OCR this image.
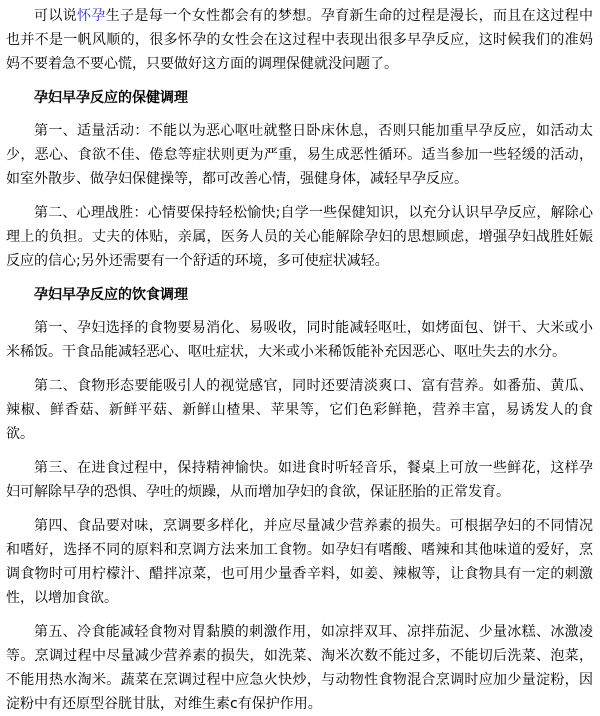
可以说怀孕生子是每一个女性都会有的梦想。孕育新生命的过程是漫长，而且在这过程中也并不是一帆风顺的，很多怀孕的女性会在这过程中表现出很多早孕反应，这时候我们的准妈妈不要着急不要心慌，只要做好这方面的调理保健就没问题了。

孕妇早孕反应的保健调理

第一、适量活动：不能以为恶心呕吐就整日卧床休息，否则只能加重早孕反应，如活动太少，恶心、食欲不佳、倦怠等症状则更为严重，易生成恶性循环。适当参加一些轻缓的活动，如室外散步、做孕妇保健操等，都可改善心情，强健身体，减轻早孕反应。

第二、心理战胜：心情要保持轻松愉快;自学一些保健知识，以充分认识早孕反应，解除心理上的负担。丈夫的体贴，亲属，医务人员的关心能解除孕妇的思想顾虑，增强孕妇战胜妊娠反应的信心;另外还需要有一个舒适的环境，多可使症状减轻。

孕妇早孕反应的饮食调理

第一、孕妇选择的食物要易消化、易吸收，同时能减轻呕吐，如烤面包、饼干、大米或小米稀饭。干食品能减轻恶心、呕吐症状，大米或小米稀饭能补充因恶心、呕吐失去的水分。

第二、食物形态要能吸引人的视觉感官，同时还要清淡爽口、富有营养。如番茄、黄瓜、辣椒、鲜香菇、新鲜平菇、新鲜山楂果、苹果等，它们色彩鲜艳，营养丰富，易诱发人的食欲。

第三、在进食过程中，保持精神愉快。如进食时听轻音乐，餐桌上可放一些鲜花，这样孕妇可解除早孕的恐惧、孕吐的烦躁，从而增加孕妇的食欲，保证胚胎的正常发育。

第四、食品要对味，烹调要多样化，并应尽量减少营养素的损失。可根据孕妇的不同情况和嗜好，选择不同的原料和烹调方法来加工食物。如孕妇有嗜酸、嗜辣和其他味道的爱好，烹调食物时可用柠檬汁、醋拌凉菜，也可用少量香辛料，如姜、辣椒等，让食物具有一定的刺激性，以增加食欲。

第五、冷食能减轻食物对胃黏膜的刺激作用，如凉拌双耳、凉拌茄泥、少量冰糕、冰激凌等。烹调过程中尽量减少营养素的损失，如洗菜、淘米次数不能过多，不能切后洗菜、泡菜，不能用热水淘米。蔬菜在烹调过程中应急火快炒，与动物性食物混合烹调时应加少量淀粉，因淀粉中有还原型谷胱甘肽，对维生素c有保护作用。
